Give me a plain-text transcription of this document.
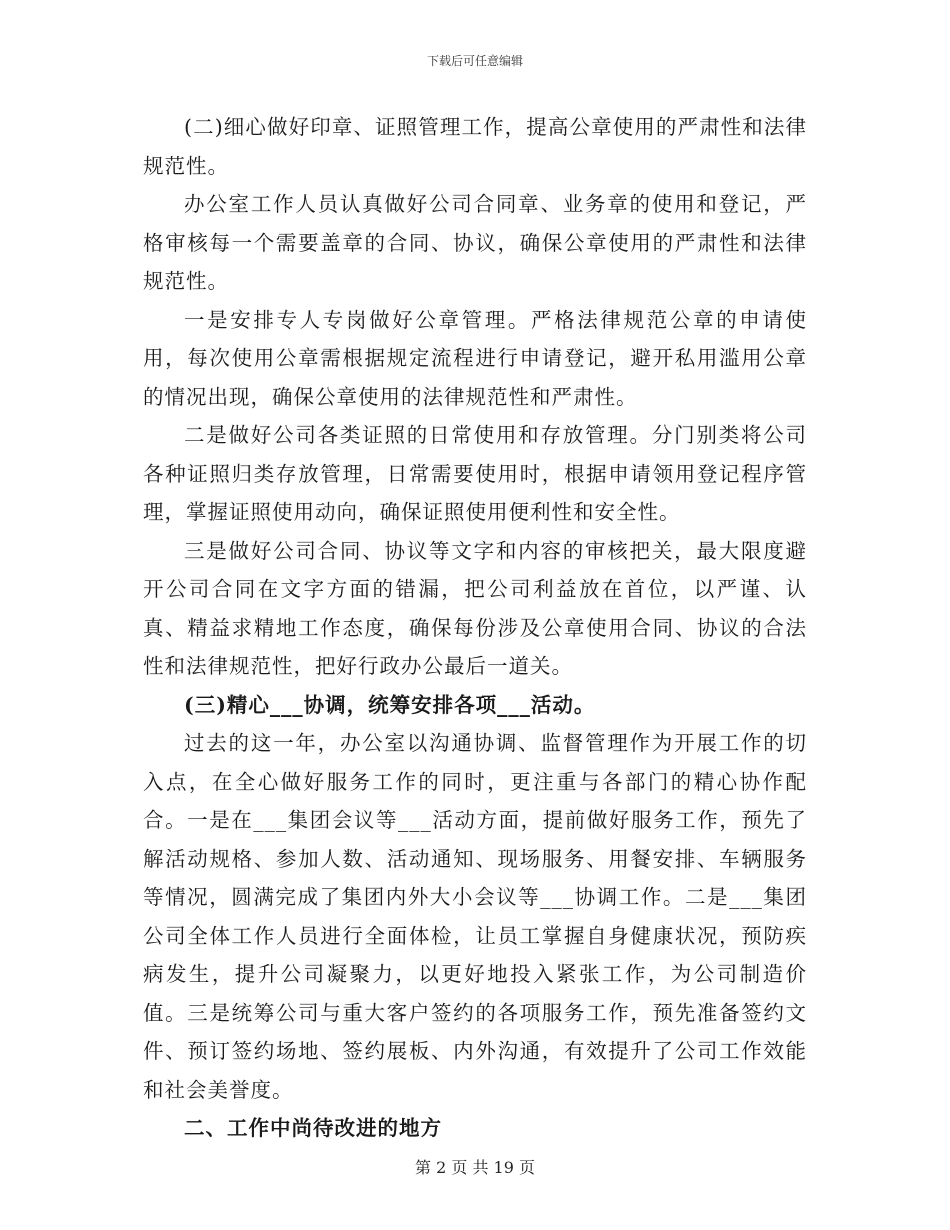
下载后可任意编辑

(二)细心做好印章、证照管理工作，提高公章使用的严肃性和法律规范性。

办公室工作人员认真做好公司合同章、业务章的使用和登记，严格审核每一个需要盖章的合同、协议，确保公章使用的严肃性和法律规范性。

一是安排专人专岗做好公章管理。严格法律规范公章的申请使用，每次使用公章需根据规定流程进行申请登记，避开私用滥用公章的情况出现，确保公章使用的法律规范性和严肃性。

二是做好公司各类证照的日常使用和存放管理。分门别类将公司各种证照归类存放管理，日常需要使用时，根据申请领用登记程序管理，掌握证照使用动向，确保证照使用便利性和安全性。

三是做好公司合同、协议等文字和内容的审核把关，最大限度避开公司合同在文字方面的错漏，把公司利益放在首位，以严谨、认真、精益求精地工作态度，确保每份涉及公章使用合同、协议的合法性和法律规范性，把好行政办公最后一道关。

(三)精心___协调，统筹安排各项___活动。

过去的这一年，办公室以沟通协调、监督管理作为开展工作的切入点，在全心做好服务工作的同时，更注重与各部门的精心协作配合。一是在___集团会议等___活动方面，提前做好服务工作，预先了解活动规格、参加人数、活动通知、现场服务、用餐安排、车辆服务等情况，圆满完成了集团内外大小会议等___协调工作。二是___集团公司全体工作人员进行全面体检，让员工掌握自身健康状况，预防疾病发生，提升公司凝聚力，以更好地投入紧张工作，为公司制造价值。三是统筹公司与重大客户签约的各项服务工作，预先准备签约文件、预订签约场地、签约展板、内外沟通，有效提升了公司工作效能和社会美誉度。

二、工作中尚待改进的地方

第 2 页 共 19 页
